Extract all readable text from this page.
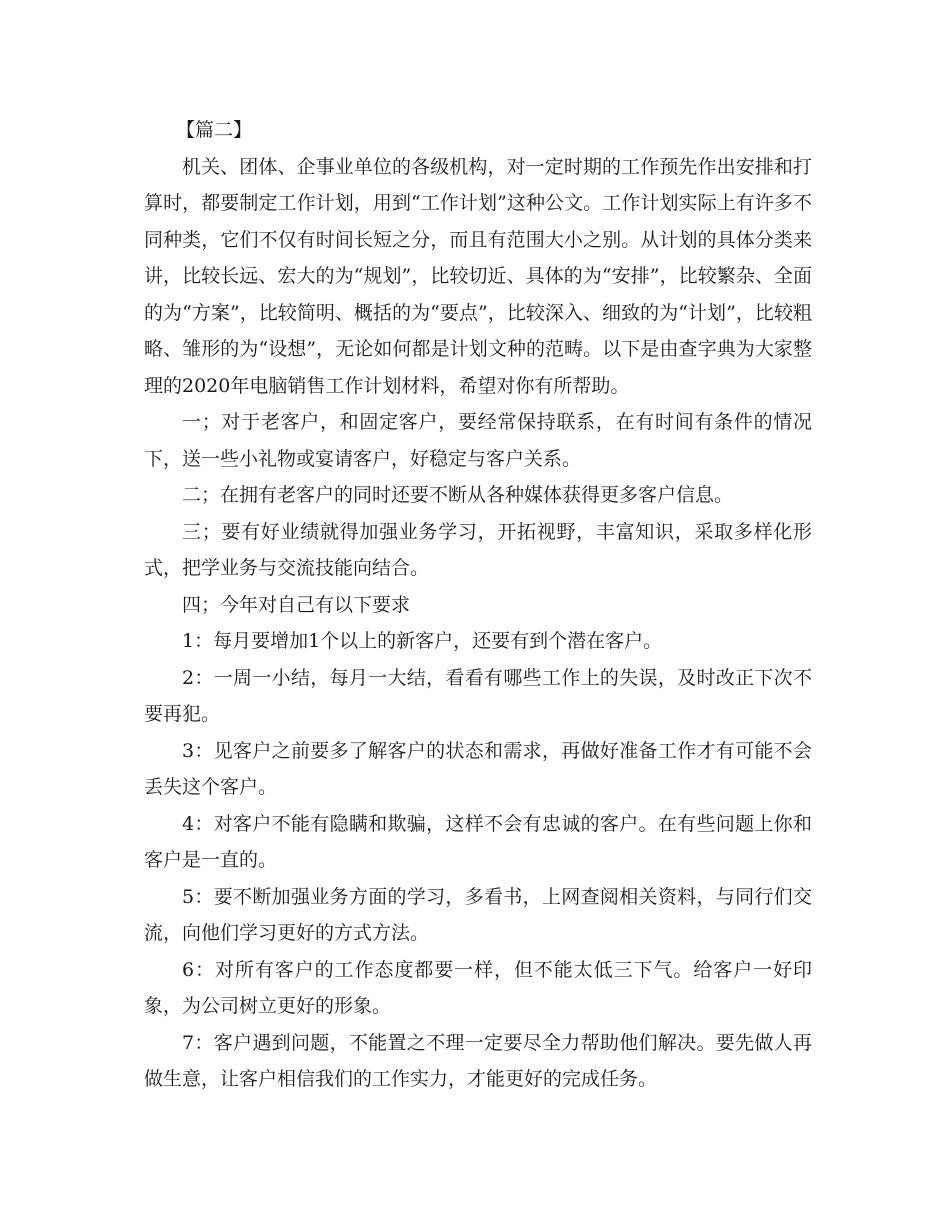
【篇二】

机关、团体、企事业单位的各级机构，对一定时期的工作预先作出安排和打算时，都要制定工作计划，用到“工作计划”这种公文。工作计划实际上有许多不同种类，它们不仅有时间长短之分，而且有范围大小之别。从计划的具体分类来讲，比较长远、宏大的为“规划”，比较切近、具体的为“安排”，比较繁杂、全面的为“方案”，比较简明、概括的为“要点”，比较深入、细致的为“计划”，比较粗略、雏形的为“设想”，无论如何都是计划文种的范畴。以下是由查字典为大家整理的2020年电脑销售工作计划材料，希望对你有所帮助。

一；对于老客户，和固定客户，要经常保持联系，在有时间有条件的情况下，送一些小礼物或宴请客户，好稳定与客户关系。

二；在拥有老客户的同时还要不断从各种媒体获得更多客户信息。

三；要有好业绩就得加强业务学习，开拓视野，丰富知识，采取多样化形式，把学业务与交流技能向结合。

四；今年对自己有以下要求

1：每月要增加1个以上的新客户，还要有到个潜在客户。

2：一周一小结，每月一大结，看看有哪些工作上的失误，及时改正下次不要再犯。

3：见客户之前要多了解客户的状态和需求，再做好准备工作才有可能不会丢失这个客户。

4：对客户不能有隐瞒和欺骗，这样不会有忠诚的客户。在有些问题上你和客户是一直的。

5：要不断加强业务方面的学习，多看书，上网查阅相关资料，与同行们交流，向他们学习更好的方式方法。

6：对所有客户的工作态度都要一样，但不能太低三下气。给客户一好印象，为公司树立更好的形象。

7：客户遇到问题，不能置之不理一定要尽全力帮助他们解决。要先做人再做生意，让客户相信我们的工作实力，才能更好的完成任务。
